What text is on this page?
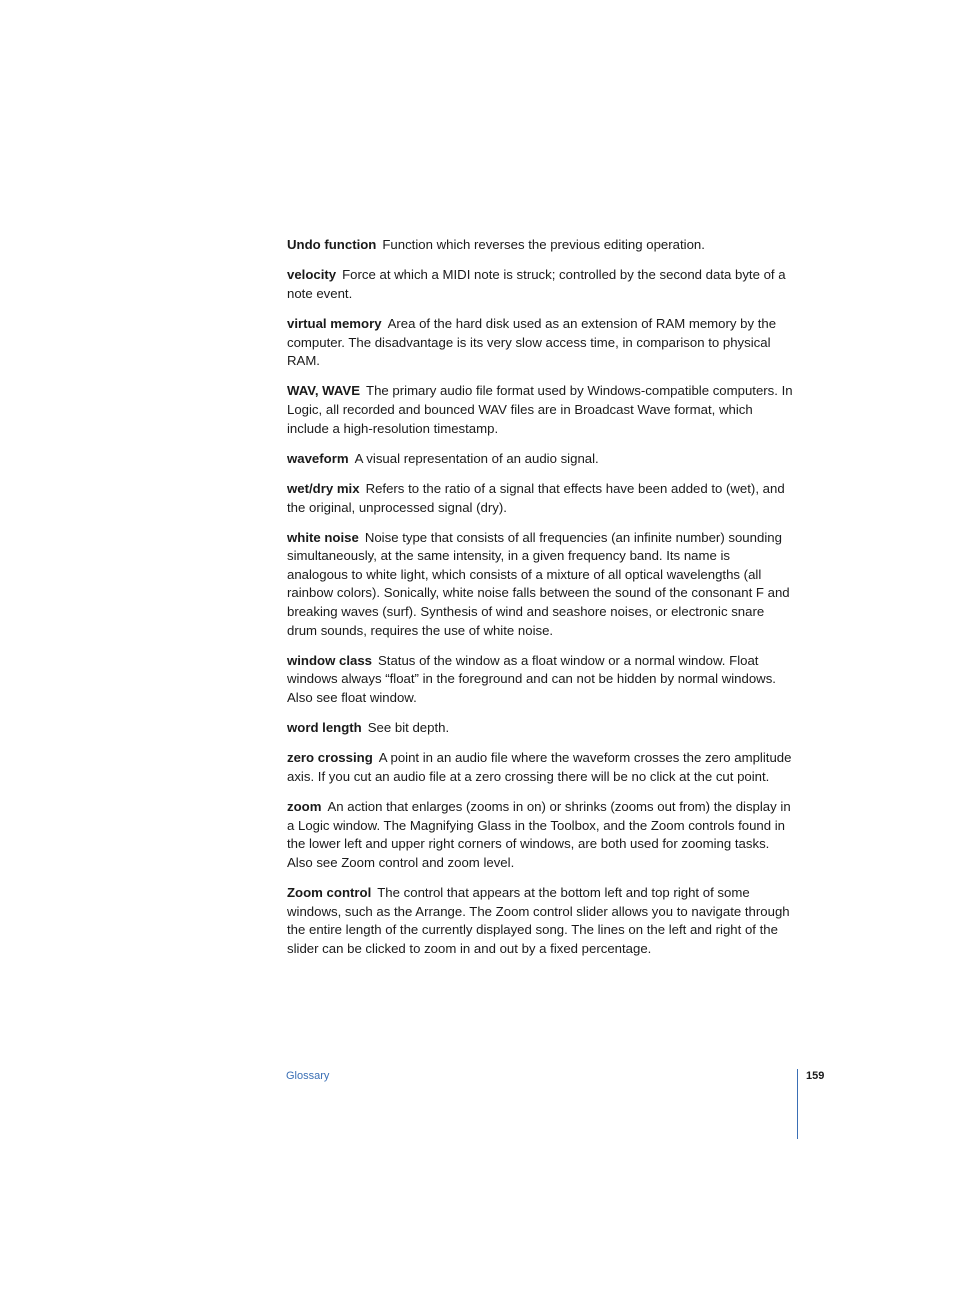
Undo function Function which reverses the previous editing operation.

velocity Force at which a MIDI note is struck; controlled by the second data byte of a note event.

virtual memory Area of the hard disk used as an extension of RAM memory by the computer. The disadvantage is its very slow access time, in comparison to physical RAM.

WAV, WAVE The primary audio file format used by Windows-compatible computers. In Logic, all recorded and bounced WAV files are in Broadcast Wave format, which include a high-resolution timestamp.

waveform A visual representation of an audio signal.

wet/dry mix Refers to the ratio of a signal that effects have been added to (wet), and the original, unprocessed signal (dry).

white noise Noise type that consists of all frequencies (an infinite number) sounding simultaneously, at the same intensity, in a given frequency band. Its name is analogous to white light, which consists of a mixture of all optical wavelengths (all rainbow colors). Sonically, white noise falls between the sound of the consonant F and breaking waves (surf). Synthesis of wind and seashore noises, or electronic snare drum sounds, requires the use of white noise.

window class Status of the window as a float window or a normal window. Float windows always “float” in the foreground and can not be hidden by normal windows. Also see float window.

word length See bit depth.

zero crossing A point in an audio file where the waveform crosses the zero amplitude axis. If you cut an audio file at a zero crossing there will be no click at the cut point.

zoom An action that enlarges (zooms in on) or shrinks (zooms out from) the display in a Logic window. The Magnifying Glass in the Toolbox, and the Zoom controls found in the lower left and upper right corners of windows, are both used for zooming tasks. Also see Zoom control and zoom level.

Zoom control The control that appears at the bottom left and top right of some windows, such as the Arrange. The Zoom control slider allows you to navigate through the entire length of the currently displayed song. The lines on the left and right of the slider can be clicked to zoom in and out by a fixed percentage.

Glossary	159
